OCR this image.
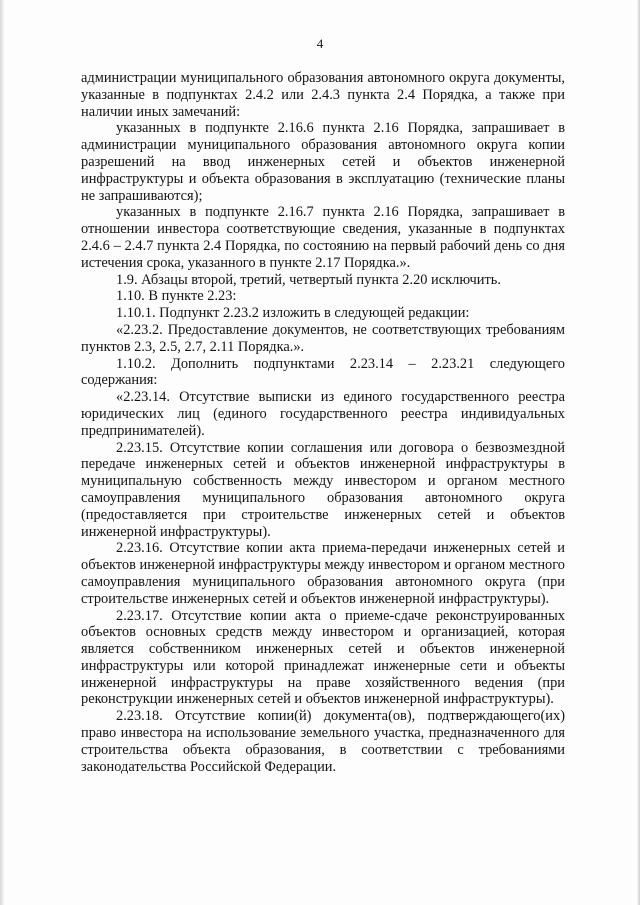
4

администрации муниципального образования автономного округа документы, указанные в подпунктах 2.4.2 или 2.4.3 пункта 2.4 Порядка, а также при наличии иных замечаний:

указанных в подпункте 2.16.6 пункта 2.16 Порядка, запрашивает в администрации муниципального образования автономного округа копии разрешений на ввод инженерных сетей и объектов инженерной инфраструктуры и объекта образования в эксплуатацию (технические планы не запрашиваются);

указанных в подпункте 2.16.7 пункта 2.16 Порядка, запрашивает в отношении инвестора соответствующие сведения, указанные в подпунктах 2.4.6 – 2.4.7 пункта 2.4 Порядка, по состоянию на первый рабочий день со дня истечения срока, указанного в пункте 2.17 Порядка.».

1.9. Абзацы второй, третий, четвертый пункта 2.20 исключить.

1.10. В пункте 2.23:

1.10.1. Подпункт 2.23.2 изложить в следующей редакции:

«2.23.2. Предоставление документов, не соответствующих требованиям пунктов 2.3, 2.5, 2.7, 2.11 Порядка.».

1.10.2. Дополнить подпунктами 2.23.14 – 2.23.21 следующего содержания:

«2.23.14. Отсутствие выписки из единого государственного реестра юридических лиц (единого государственного реестра индивидуальных предпринимателей).

2.23.15. Отсутствие копии соглашения или договора о безвозмездной передаче инженерных сетей и объектов инженерной инфраструктуры в муниципальную собственность между инвестором и органом местного самоуправления муниципального образования автономного округа (предоставляется при строительстве инженерных сетей и объектов инженерной инфраструктуры).

2.23.16. Отсутствие копии акта приема-передачи инженерных сетей и объектов инженерной инфраструктуры между инвестором и органом местного самоуправления муниципального образования автономного округа (при строительстве инженерных сетей и объектов инженерной инфраструктуры).

2.23.17. Отсутствие копии акта о приеме-сдаче реконструированных объектов основных средств между инвестором и организацией, которая является собственником инженерных сетей и объектов инженерной инфраструктуры или которой принадлежат инженерные сети и объекты инженерной инфраструктуры на праве хозяйственного ведения (при реконструкции инженерных сетей и объектов инженерной инфраструктуры).

2.23.18. Отсутствие копии(й) документа(ов), подтверждающего(их) право инвестора на использование земельного участка, предназначенного для строительства объекта образования, в соответствии с требованиями законодательства Российской Федерации.
